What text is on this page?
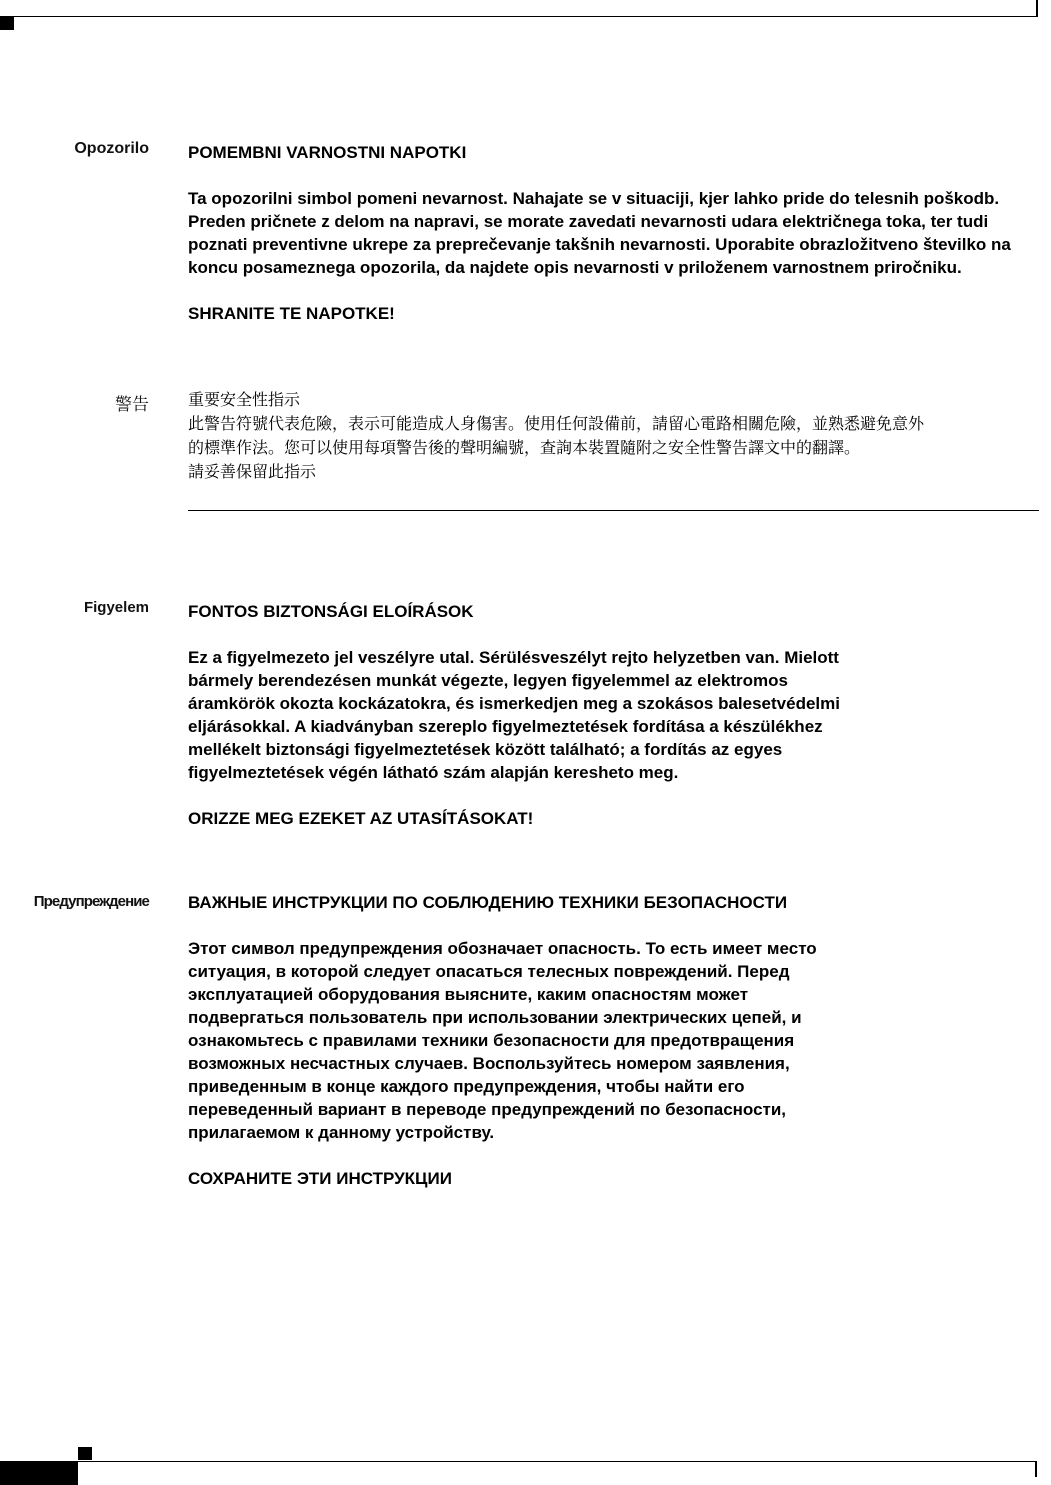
Opozorilo POMEMBNI VARNOSTNI NAPOTKI

Ta opozorilni simbol pomeni nevarnost. Nahajate se v situaciji, kjer lahko pride do telesnih poškodb. Preden pričnete z delom na napravi, se morate zavedati nevarnosti udara električnega toka, ter tudi poznati preventivne ukrepe za preprečevanje takšnih nevarnosti. Uporabite obrazložitveno številko na koncu posameznega opozorila, da najdete opis nevarnosti v priloženem varnostnem priročniku.

SHRANITE TE NAPOTKE!

警告 重要安全性指示

此警告符號代表危險，表示可能造成人身傷害。使用任何設備前，請留心電路相關危險，並熟悉避免意外

的標準作法。您可以使用每項警告後的聲明編號，查詢本裝置隨附之安全性警告譯文中的翻譯。

請妥善保留此指示

Figyelem FONTOS BIZTONSÁGI ELOÍRÁSOK

Ez a figyelmezeto jel veszélyre utal. Sérülésveszélyt rejto helyzetben van. Mielott bármely berendezésen munkát végezte, legyen figyelemmel az elektromos áramkörök okozta kockázatokra, és ismerkedjen meg a szokásos balesetvédelmi eljárásokkal. A kiadványban szereplo figyelmeztetések fordítása a készülékhez mellékelt biztonsági figyelmeztetések között található; a fordítás az egyes figyelmeztetések végén látható szám alapján keresheto meg.

ORIZZE MEG EZEKET AZ UTASÍTÁSOKAT!

Предупреждение ВАЖНЫЕ ИНСТРУКЦИИ ПО СОБЛЮДЕНИЮ ТЕХНИКИ БЕЗОПАСНОСТИ

Этот символ предупреждения обозначает опасность. То есть имеет место ситуация, в которой следует опасаться телесных повреждений. Перед эксплуатацией оборудования выясните, каким опасностям может подвергаться пользователь при использовании электрических цепей, и ознакомьтесь с правилами техники безопасности для предотвращения возможных несчастных случаев. Воспользуйтесь номером заявления, приведенным в конце каждого предупреждения, чтобы найти его переведенный вариант в переводе предупреждений по безопасности, прилагаемом к данному устройству.

СОХРАНИТЕ ЭТИ ИНСТРУКЦИИ
